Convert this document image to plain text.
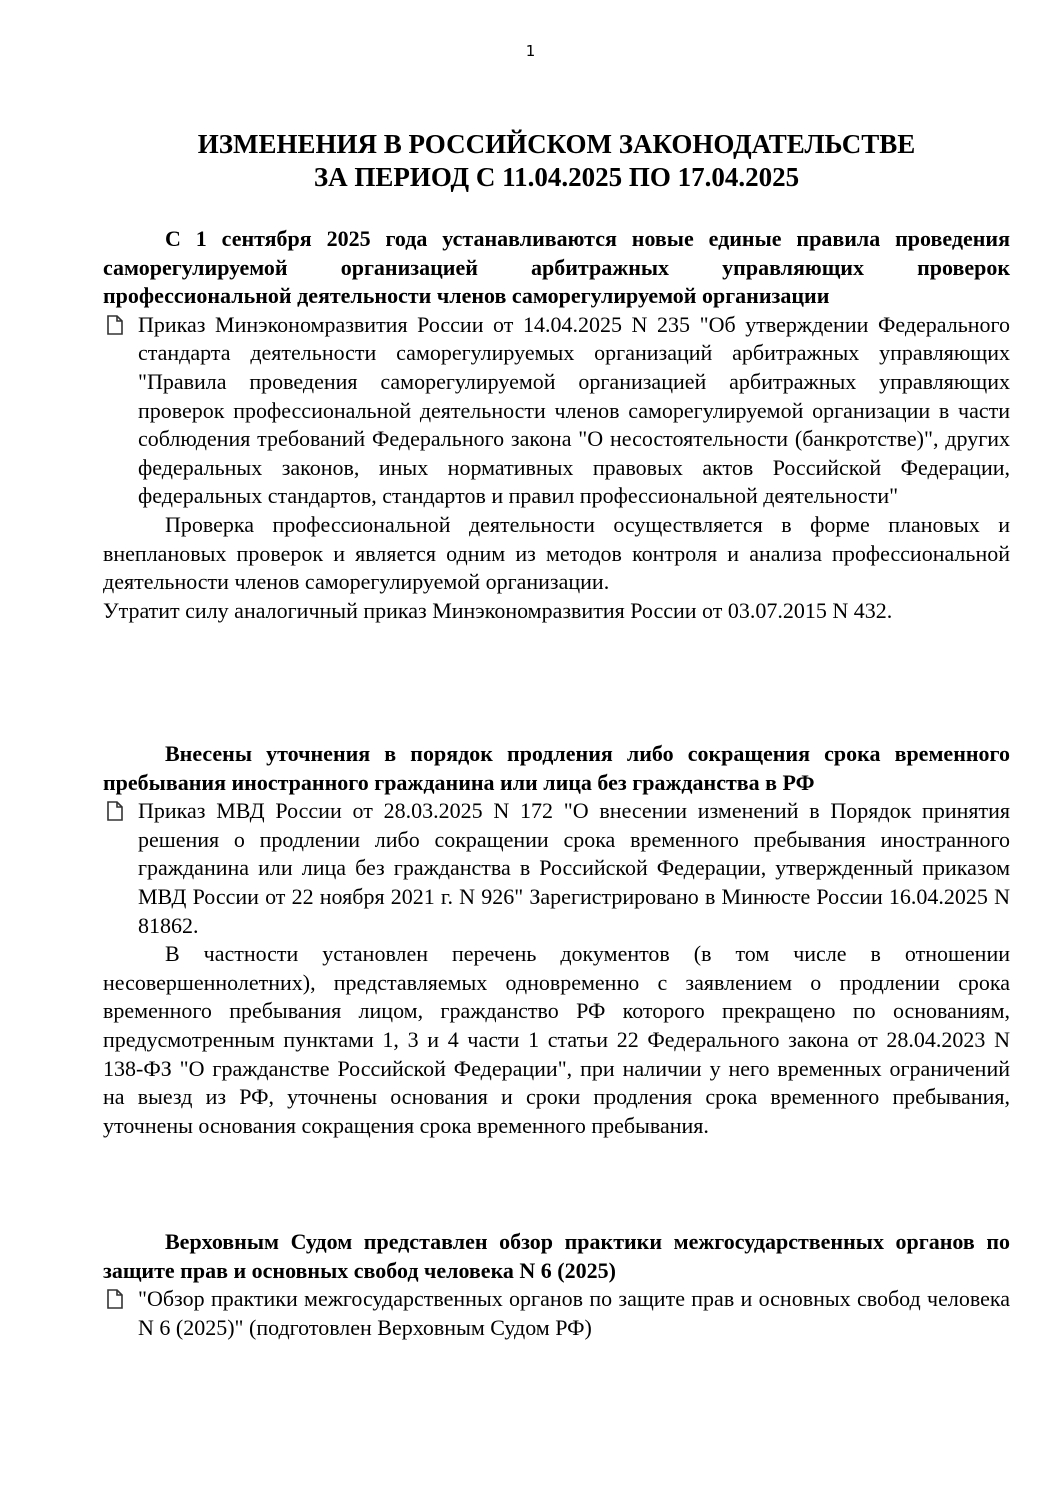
1
ИЗМЕНЕНИЯ В РОССИЙСКОМ ЗАКОНОДАТЕЛЬСТВЕ
ЗА ПЕРИОД С 11.04.2025 ПО 17.04.2025

С 1 сентября 2025 года устанавливаются новые единые правила проведения саморегулируемой организацией арбитражных управляющих проверок профессиональной деятельности членов саморегулируемой организации

Приказ Минэкономразвития России от 14.04.2025 N 235 "Об утверждении Федерального стандарта деятельности саморегулируемых организаций арбитражных управляющих "Правила проведения саморегулируемой организацией арбитражных управляющих проверок профессиональной деятельности членов саморегулируемой организации в части соблюдения требований Федерального закона "О несостоятельности (банкротстве)", других федеральных законов, иных нормативных правовых актов Российской Федерации, федеральных стандартов, стандартов и правил профессиональной деятельности"

Проверка профессиональной деятельности осуществляется в форме плановых и внеплановых проверок и является одним из методов контроля и анализа профессиональной деятельности членов саморегулируемой организации.

Утратит силу аналогичный приказ Минэкономразвития России от 03.07.2015 N 432.

Внесены уточнения в порядок продления либо сокращения срока временного пребывания иностранного гражданина или лица без гражданства в РФ

Приказ МВД России от 28.03.2025 N 172 "О внесении изменений в Порядок принятия решения о продлении либо сокращении срока временного пребывания иностранного гражданина или лица без гражданства в Российской Федерации, утвержденный приказом МВД России от 22 ноября 2021 г. N 926" Зарегистрировано в Минюсте России 16.04.2025 N 81862.

В частности установлен перечень документов (в том числе в отношении несовершеннолетних), представляемых одновременно с заявлением о продлении срока временного пребывания лицом, гражданство РФ которого прекращено по основаниям, предусмотренным пунктами 1, 3 и 4 части 1 статьи 22 Федерального закона от 28.04.2023 N 138-ФЗ "О гражданстве Российской Федерации", при наличии у него временных ограничений на выезд из РФ, уточнены основания и сроки продления срока временного пребывания, уточнены основания сокращения срока временного пребывания.

Верховным Судом представлен обзор практики межгосударственных органов по защите прав и основных свобод человека N 6 (2025)

"Обзор практики межгосударственных органов по защите прав и основных свобод человека N 6 (2025)" (подготовлен Верховным Судом РФ)
